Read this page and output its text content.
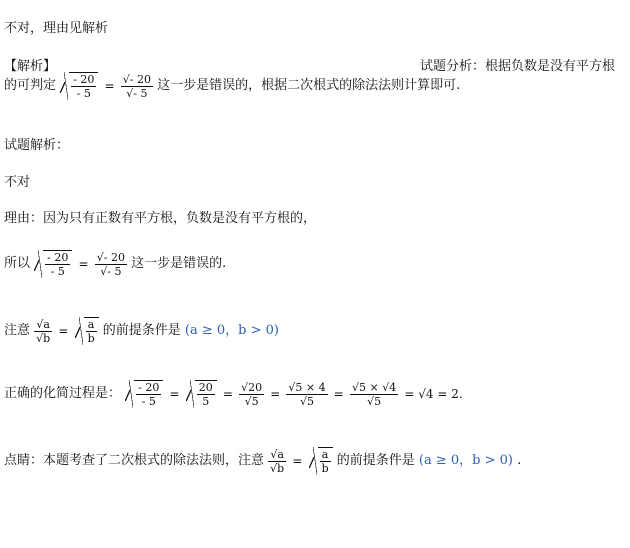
不对，理由见解析
【解析】	试题分析：根据负数是没有平方根
的可判定 $\frac{- 20}{- 5} = \frac{√- 20}{√- 5}$ 这一步是错误的，根据二次根式的除法法则计算即可.
试题解析：
不对
理由：因为只有正数有平方根，负数是没有平方根的，
所以 $\frac{- 20}{- 5} = \frac{√- 20}{√- 5}$ 这一步是错误的.
注意 $\frac{√a}{√b} = \frac{a}{b}$ 的前提条件是 (a ≥ 0，b > 0)
正确的化简过程是： $\frac{- 20}{- 5} = \frac{20}{5} = \frac{√20}{√5} = \frac{√5 \times 4}{√5} = \frac{√5 \times √4}{√5} = √4 = 2$.
点睛：本题考查了二次根式的除法法则，注意 $\frac{√a}{√b} = \frac{a}{b}$ 的前提条件是 (a ≥ 0，b > 0) .
